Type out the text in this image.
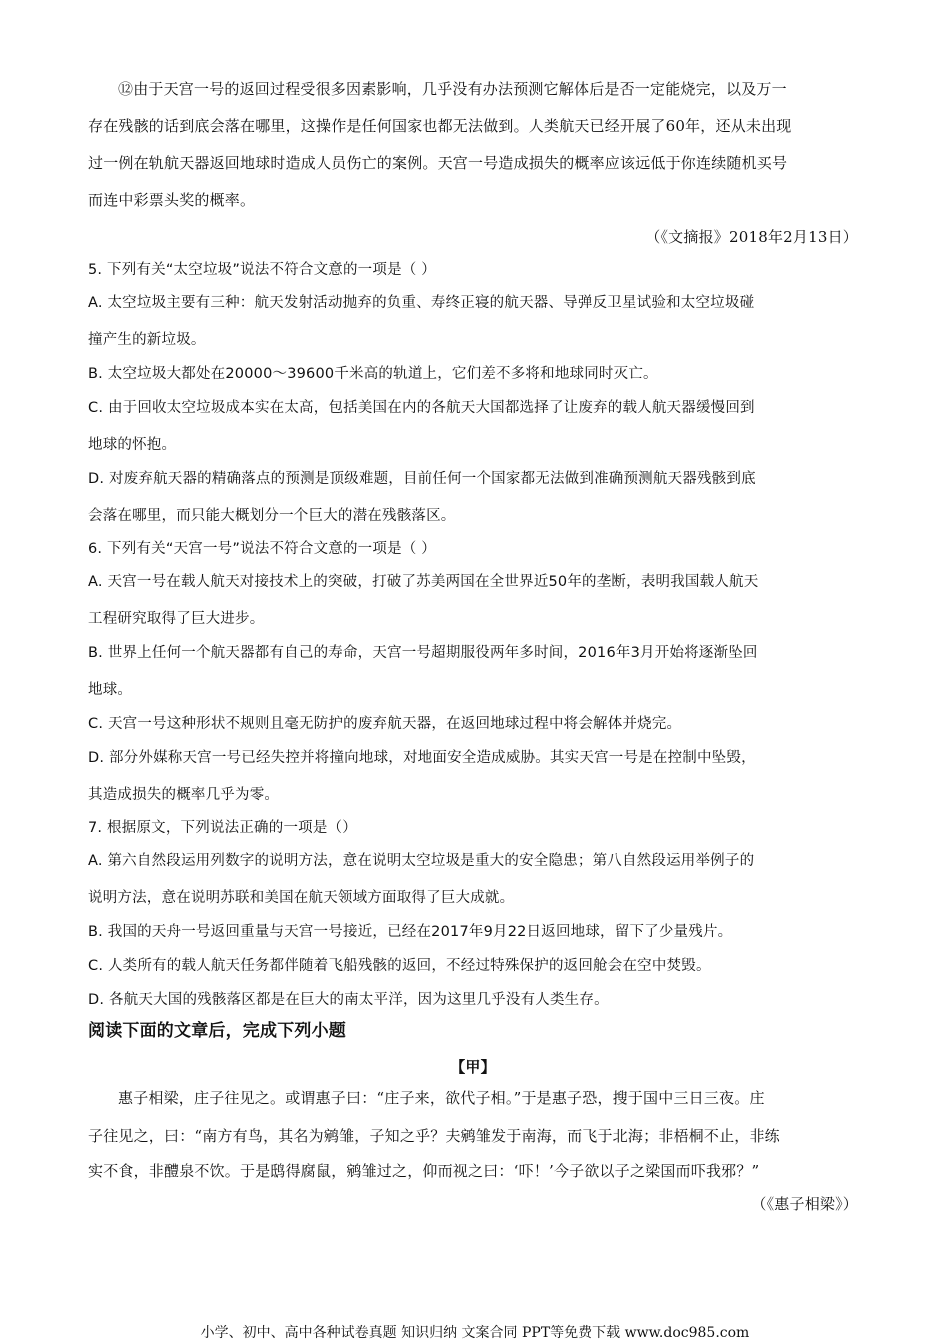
⑫由于天宫一号的返回过程受很多因素影响，几乎没有办法预测它解体后是否一定能烧完，以及万一
存在残骸的话到底会落在哪里，这操作是任何国家也都无法做到。人类航天已经开展了60年，还从未出现
过一例在轨航天器返回地球时造成人员伤亡的案例。天宫一号造成损失的概率应该远低于你连续随机买号
而连中彩票头奖的概率。
（《文摘报》2018年2月13日）
5. 下列有关“太空垃圾”说法不符合文意的一项是（ ）
A. 太空垃圾主要有三种：航天发射活动抛弃的负重、寿终正寝的航天器、导弹反卫星试验和太空垃圾碰
撞产生的新垃圾。
B. 太空垃圾大都处在20000～39600千米高的轨道上，它们差不多将和地球同时灭亡。
C. 由于回收太空垃圾成本实在太高，包括美国在内的各航天大国都选择了让废弃的载人航天器缓慢回到
地球的怀抱。
D. 对废弃航天器的精确落点的预测是顶级难题，目前任何一个国家都无法做到准确预测航天器残骸到底
会落在哪里，而只能大概划分一个巨大的潜在残骸落区。
6. 下列有关“天宫一号”说法不符合文意的一项是（ ）
A. 天宫一号在载人航天对接技术上的突破，打破了苏美两国在全世界近50年的垄断，表明我国载人航天
工程研究取得了巨大进步。
B. 世界上任何一个航天器都有自己的寿命，天宫一号超期服役两年多时间，2016年3月开始将逐渐坠回
地球。
C. 天宫一号这种形状不规则且毫无防护的废弃航天器，在返回地球过程中将会解体并烧完。
D. 部分外媒称天宫一号已经失控并将撞向地球，对地面安全造成威胁。其实天宫一号是在控制中坠毁，
其造成损失的概率几乎为零。
7. 根据原文，下列说法正确的一项是（）
A. 第六自然段运用列数字的说明方法，意在说明太空垃圾是重大的安全隐患；第八自然段运用举例子的
说明方法，意在说明苏联和美国在航天领域方面取得了巨大成就。
B. 我国的天舟一号返回重量与天宫一号接近，已经在2017年9月22日返回地球，留下了少量残片。
C. 人类所有的载人航天任务都伴随着飞船残骸的返回，不经过特殊保护的返回舱会在空中焚毁。
D. 各航天大国的残骸落区都是在巨大的南太平洋，因为这里几乎没有人类生存。
阅读下面的文章后，完成下列小题
【甲】
惠子相梁，庄子往见之。或谓惠子曰：“庄子来，欲代子相。”于是惠子恐，搜于国中三日三夜。庄
子往见之，曰：“南方有鸟，其名为鹓雏，子知之乎？夫鹓雏发于南海，而飞于北海；非梧桐不止，非练
实不食，非醴泉不饮。于是鸱得腐鼠，鹓雏过之，仰而视之曰：‘吓！’今子欲以子之梁国而吓我邪？”
（《惠子相梁》）
小学、初中、高中各种试卷真题 知识归纳 文案合同 PPT等免费下载 www.doc985.com
